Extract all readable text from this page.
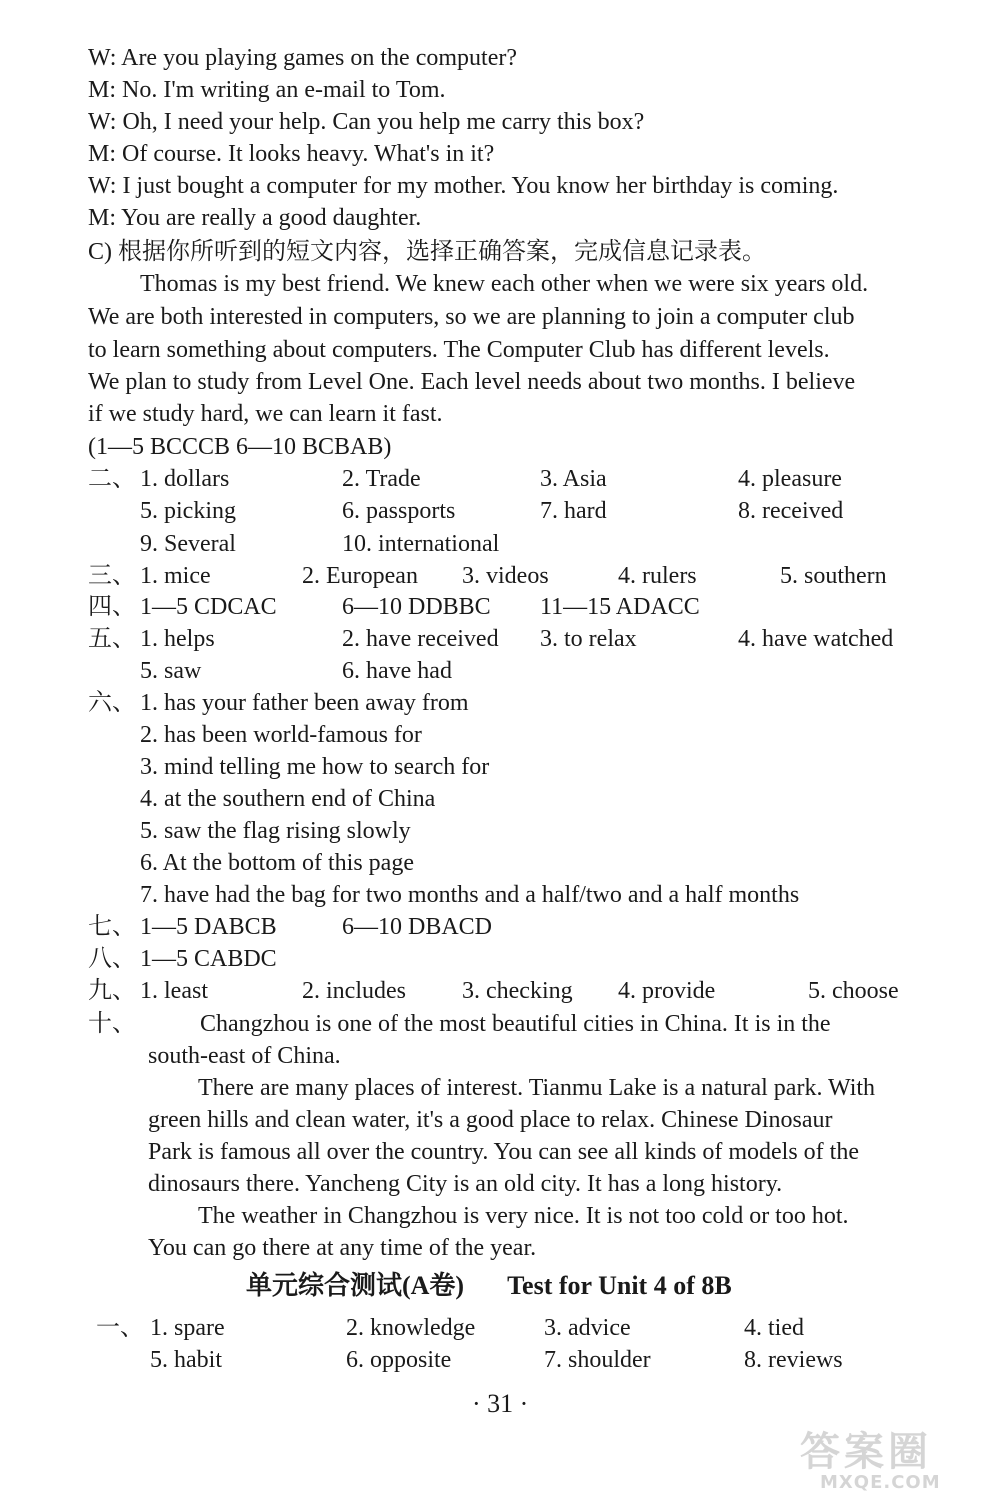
W: Are you playing games on the computer?
M: No. I'm writing an e-mail to Tom.
W: Oh, I need your help. Can you help me carry this box?
M: Of course. It looks heavy. What's in it?
W: I just bought a computer for my mother. You know her birthday is coming.
M: You are really a good daughter.
C) 根据你所听到的短文内容，选择正确答案，完成信息记录表。
Thomas is my best friend. We knew each other when we were six years old.
We are both interested in computers, so we are planning to join a computer club
to learn something about computers. The Computer Club has different levels.
We plan to study from Level One. Each level needs about two months. I believe
if we study hard, we can learn it fast.
(1—5 BCCCB 6—10 BCBAB)
二、 1. dollars	2. Trade	3. Asia	4. pleasure
5. picking	6. passports	7. hard	8. received
9. Several	10. international
三、 1. mice	2. European 3. videos	4. rulers	5. southern
四、 1—5 CDCAC	6—10 DDBBC 11—15 ADACC
五、 1. helps	2. have received 3. to relax	4. have watched
5. saw	6. have had
六、 1. has your father been away from
2. has been world-famous for
3. mind telling me how to search for
4. at the southern end of China
5. saw the flag rising slowly
6. At the bottom of this page
7. have had the bag for two months and a half/two and a half months
七、 1—5 DABCB	6—10 DBACD
八、 1—5 CABDC
九、 1. least	2. includes 3. checking 4. provide	5. choose
十、	Changzhou is one of the most beautiful cities in China. It is in the
south-east of China.
There are many places of interest. Tianmu Lake is a natural park. With
green hills and clean water, it's a good place to relax. Chinese Dinosaur
Park is famous all over the country. You can see all kinds of models of the
dinosaurs there. Yancheng City is an old city. It has a long history.
The weather in Changzhou is very nice. It is not too cold or too hot.
You can go there at any time of the year.
单元综合测试(A卷) Test for Unit 4 of 8B
一、 1. spare	2. knowledge	3. advice	4. tied
5. habit	6. opposite	7. shoulder	8. reviews
· 31 ·
答案圈
MXQE.COM
